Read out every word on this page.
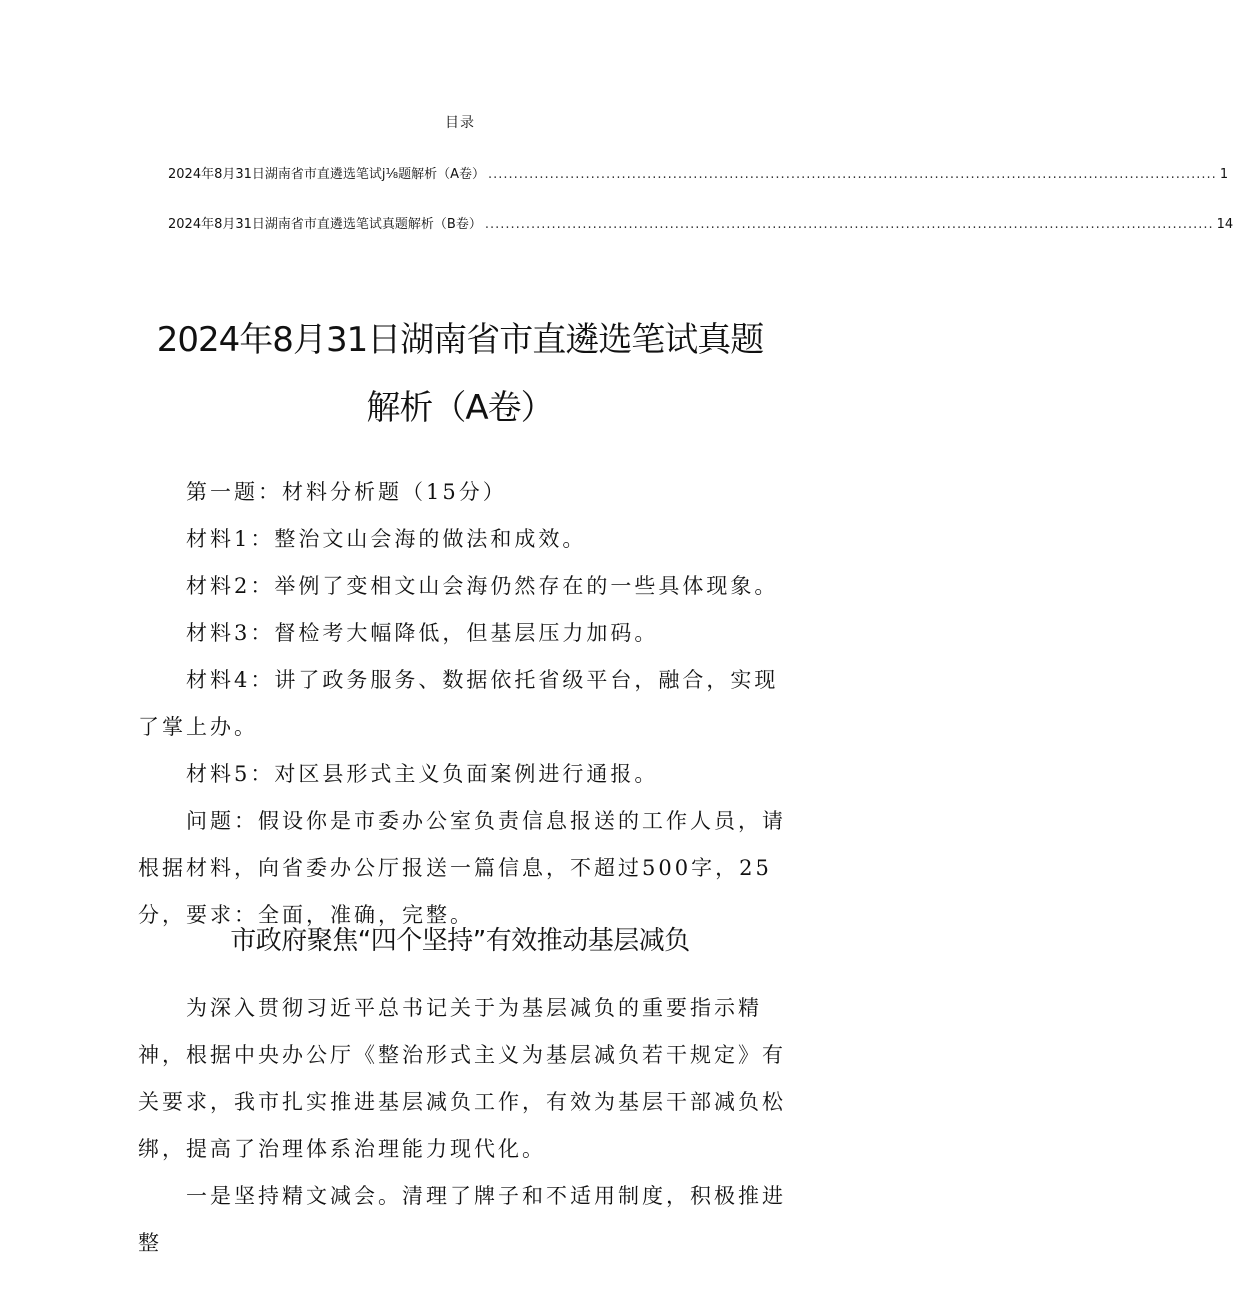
目录
2024年8月31日湖南省市直遴选笔试j⅛题解析（A卷） .............................................................................................................................................. 1
2024年8月31日湖南省市直遴选笔试真题解析（B卷） .............................................................................................................................................. 14
2024年8月31日湖南省市直遴选笔试真题
解析（A卷）

第一题：材料分析题（15分）

材料1：整治文山会海的做法和成效。

材料2：举例了变相文山会海仍然存在的一些具体现象。

材料3：督检考大幅降低，但基层压力加码。

材料4：讲了政务服务、数据依托省级平台，融合，实现了掌上办。

材料5：对区县形式主义负面案例进行通报。

问题：假设你是市委办公室负责信息报送的工作人员，请根据材料，向省委办公厅报送一篇信息，不超过500字，25分，要求：全面，准确，完整。

市政府聚焦“四个坚持”有效推动基层减负

为深入贯彻习近平总书记关于为基层减负的重要指示精神，根据中央办公厅《整治形式主义为基层减负若干规定》有关要求，我市扎实推进基层减负工作，有效为基层干部减负松绑，提高了治理体系治理能力现代化。

一是坚持精文减会。清理了牌子和不适用制度，积极推进整
